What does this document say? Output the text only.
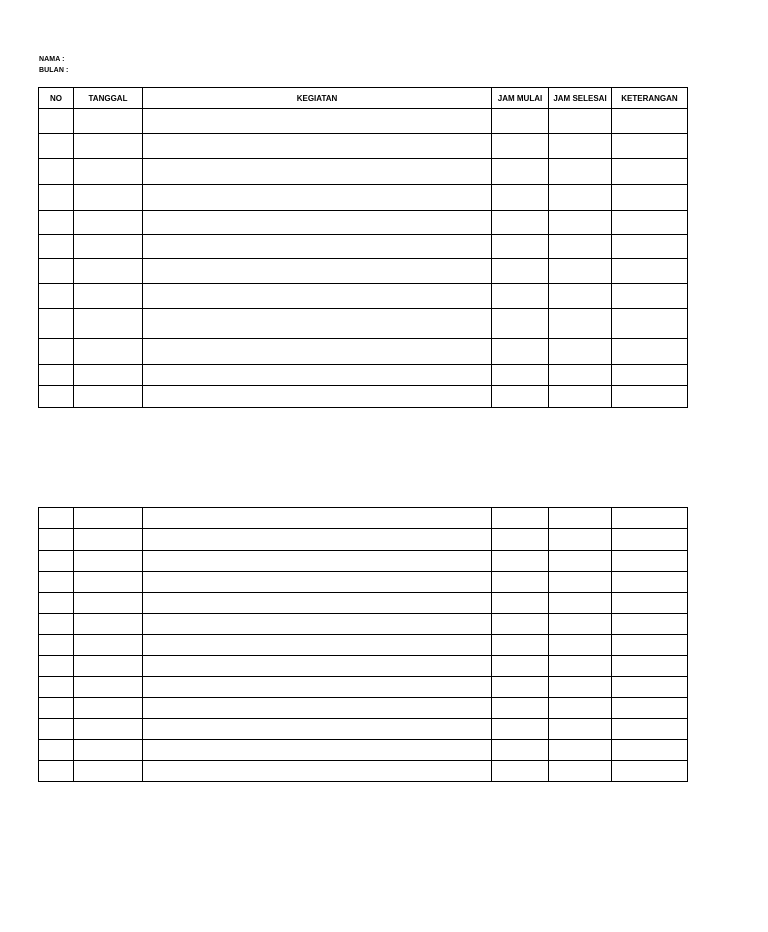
NAMA :
BULAN :
NO	TANGGAL	KEGIATAN	JAM MULAI	JAM SELESAI	KETERANGAN
